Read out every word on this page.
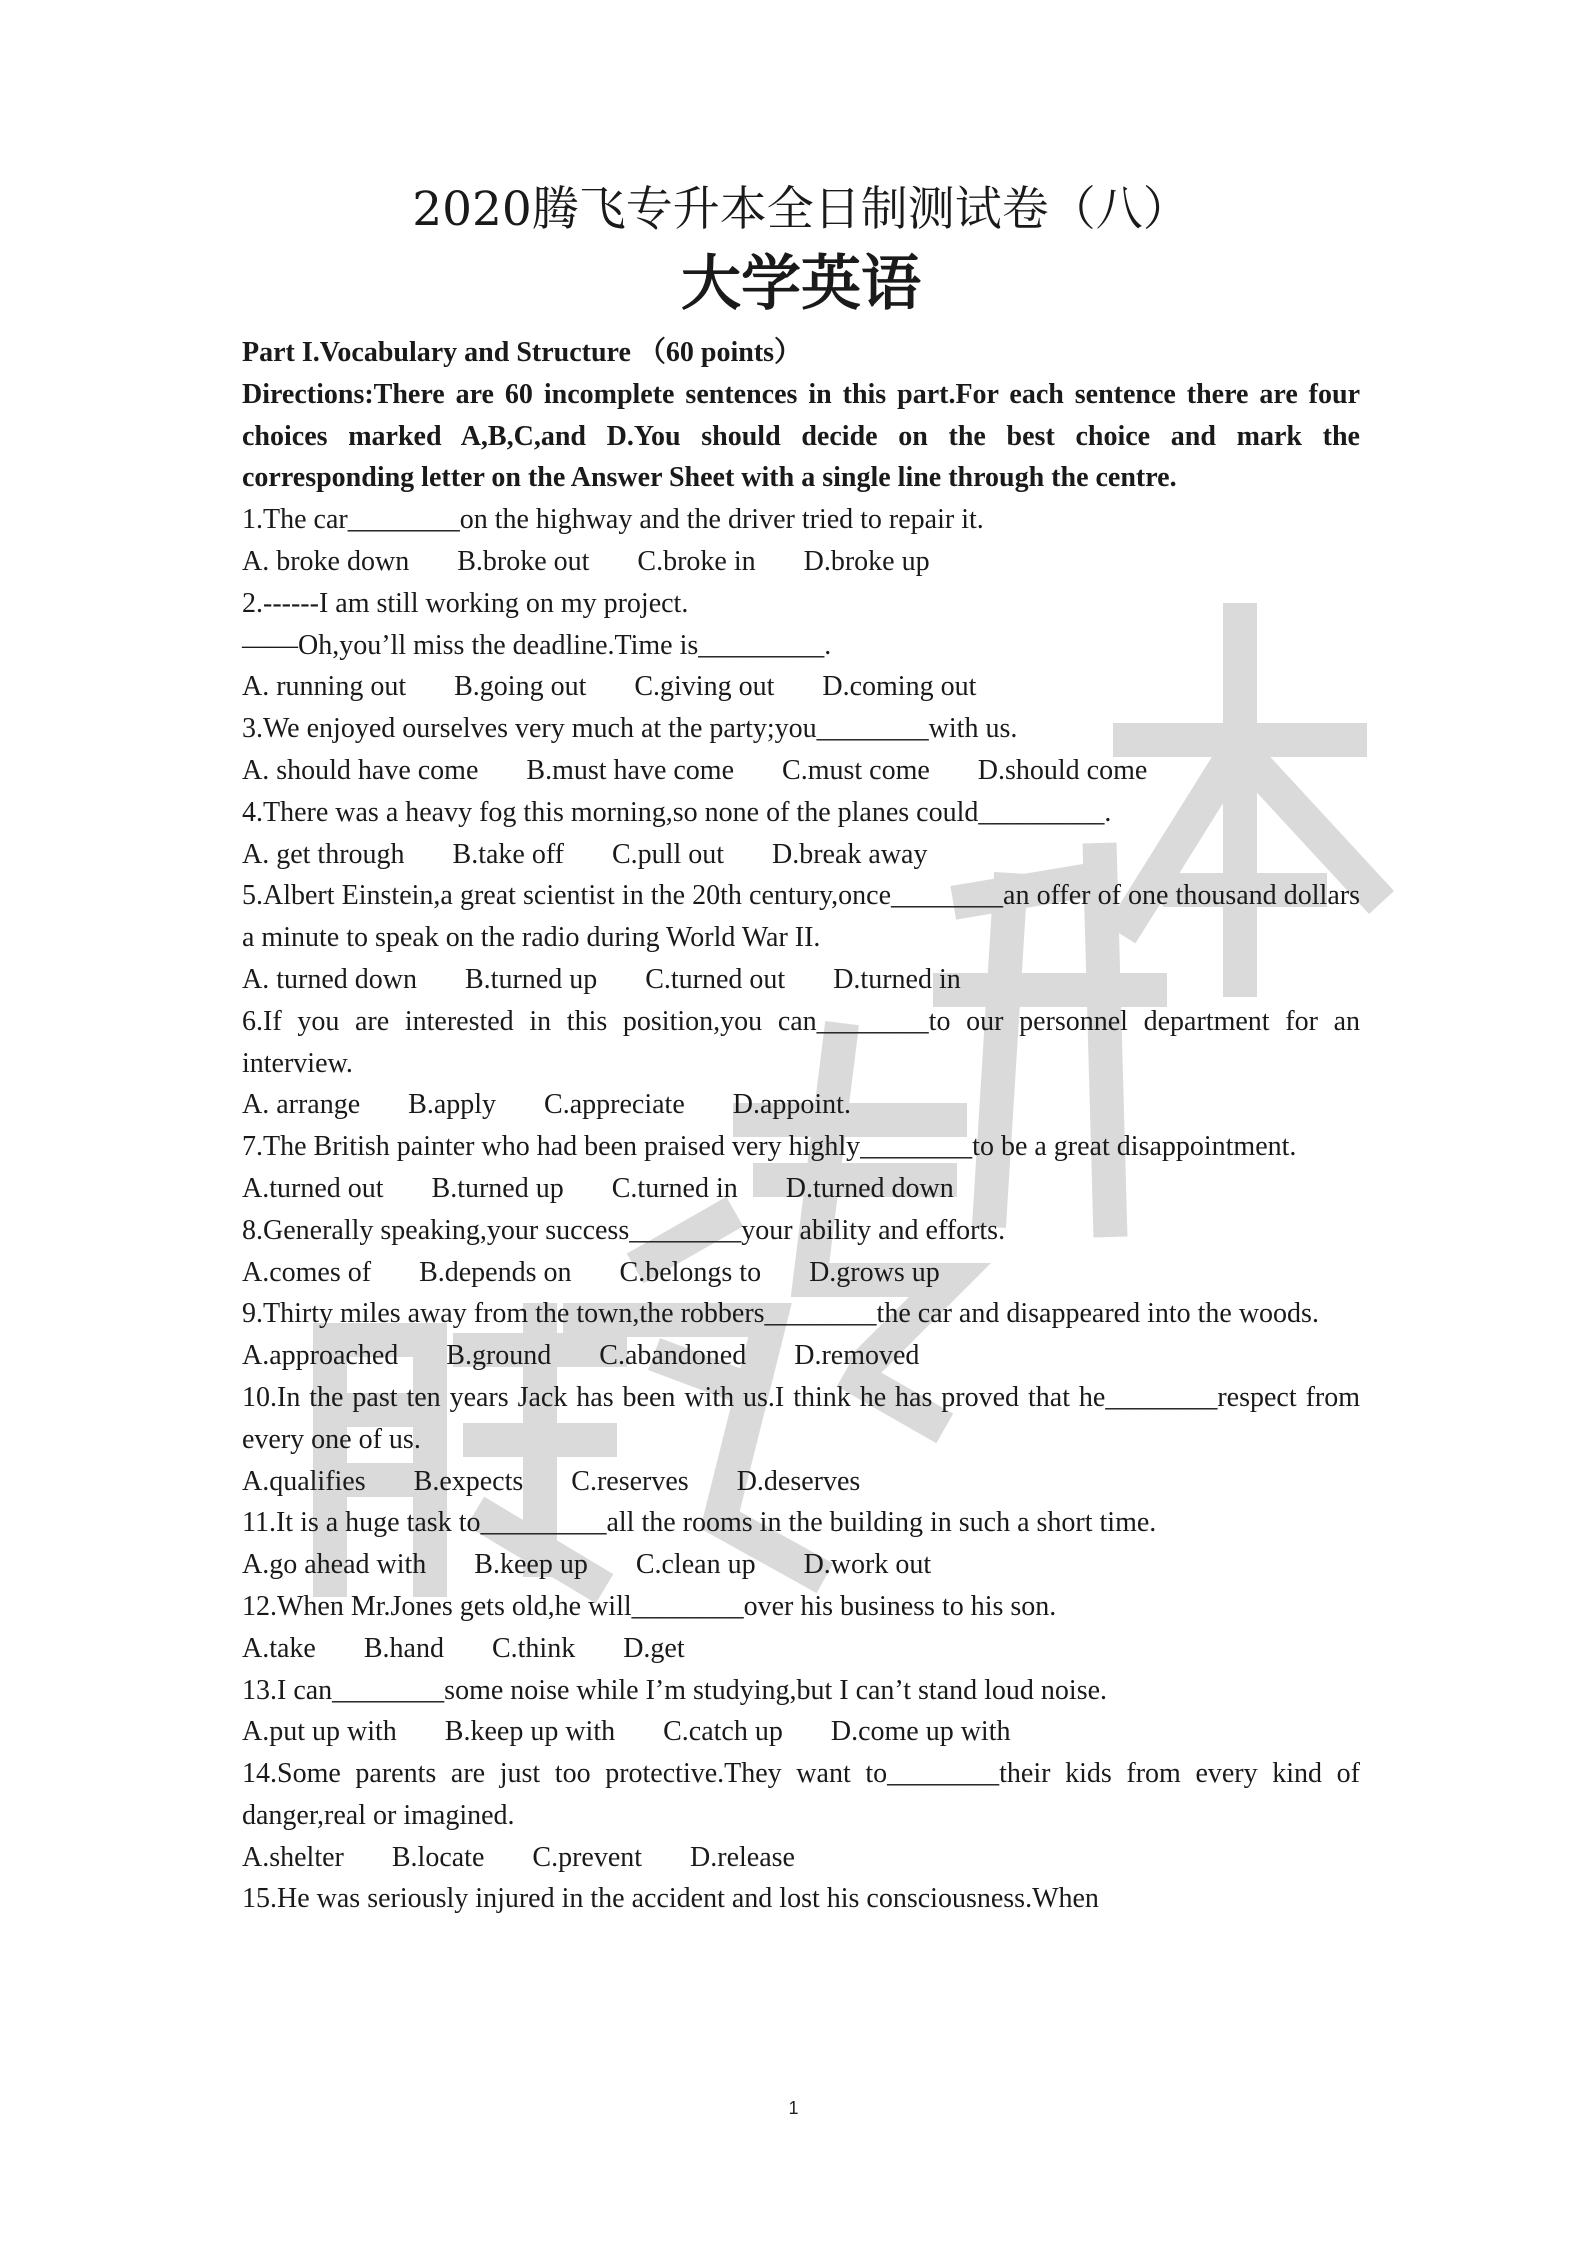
2020腾飞专升本全日制测试卷（八）
大学英语

Part I.Vocabulary and Structure （60 points）

Directions:There are 60 incomplete sentences in this part.For each sentence there are four choices marked A,B,C,and D.You should decide on the best choice and mark the corresponding letter on the Answer Sheet with a single line through the centre.

1.The car________on the highway and the driver tried to repair it.

A. broke down B.broke out C.broke in D.broke up

2.------I am still working on my project.
——Oh,you’ll miss the deadline.Time is_________.

A. running out B.going out C.giving out D.coming out

3.We enjoyed ourselves very much at the party;you________with us.

A. should have come B.must have come C.must come D.should come

4.There was a heavy fog this morning,so none of the planes could_________.

A. get through B.take off C.pull out D.break away

5.Albert Einstein,a great scientist in the 20th century,once________an offer of one thousand dollars a minute to speak on the radio during World War II.

A. turned down B.turned up C.turned out D.turned in

6.If you are interested in this position,you can________to our personnel department for an interview.

A. arrange B.apply C.appreciate D.appoint.

7.The British painter who had been praised very highly________to be a great disappointment.

A.turned out B.turned up C.turned in D.turned down

8.Generally speaking,your success________your ability and efforts.

A.comes of B.depends on C.belongs to D.grows up

9.Thirty miles away from the town,the robbers________the car and disappeared into the woods.

A.approached B.ground C.abandoned D.removed

10.In the past ten years Jack has been with us.I think he has proved that he________respect from every one of us.

A.qualifies B.expects C.reserves D.deserves

11.It is a huge task to_________all the rooms in the building in such a short time.

A.go ahead with B.keep up C.clean up D.work out

12.When Mr.Jones gets old,he will________over his business to his son.

A.take B.hand C.think D.get

13.I can________some noise while I’m studying,but I can’t stand loud noise.

A.put up with B.keep up with C.catch up D.come up with

14.Some parents are just too protective.They want to________their kids from every kind of danger,real or imagined.

A.shelter B.locate C.prevent D.release

15.He was seriously injured in the accident and lost his consciousness.When

1
